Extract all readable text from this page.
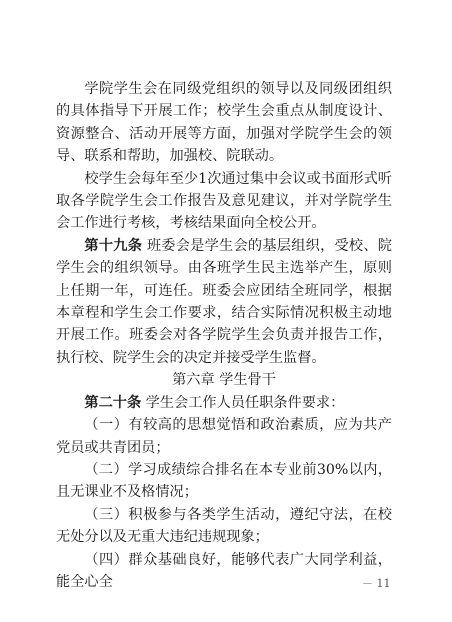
学院学生会在同级党组织的领导以及同级团组织的具体指导下开展工作；校学生会重点从制度设计、资源整合、活动开展等方面，加强对学院学生会的领导、联系和帮助，加强校、院联动。

校学生会每年至少1次通过集中会议或书面形式听取各学院学生会工作报告及意见建议，并对学院学生会工作进行考核，考核结果面向全校公开。

第十九条 班委会是学生会的基层组织，受校、院学生会的组织领导。由各班学生民主选举产生，原则上任期一年，可连任。班委会应团结全班同学，根据本章程和学生会工作要求，结合实际情况积极主动地开展工作。班委会对各学院学生会负责并报告工作，执行校、院学生会的决定并接受学生监督。

第六章 学生骨干

第二十条 学生会工作人员任职条件要求：

（一）有较高的思想觉悟和政治素质，应为共产党员或共青团员；

（二）学习成绩综合排名在本专业前30%以内，且无课业不及格情况；

（三）积极参与各类学生活动，遵纪守法，在校无处分以及无重大违纪违规现象；

（四）群众基础良好，能够代表广大同学利益，能全心全	－ 11
